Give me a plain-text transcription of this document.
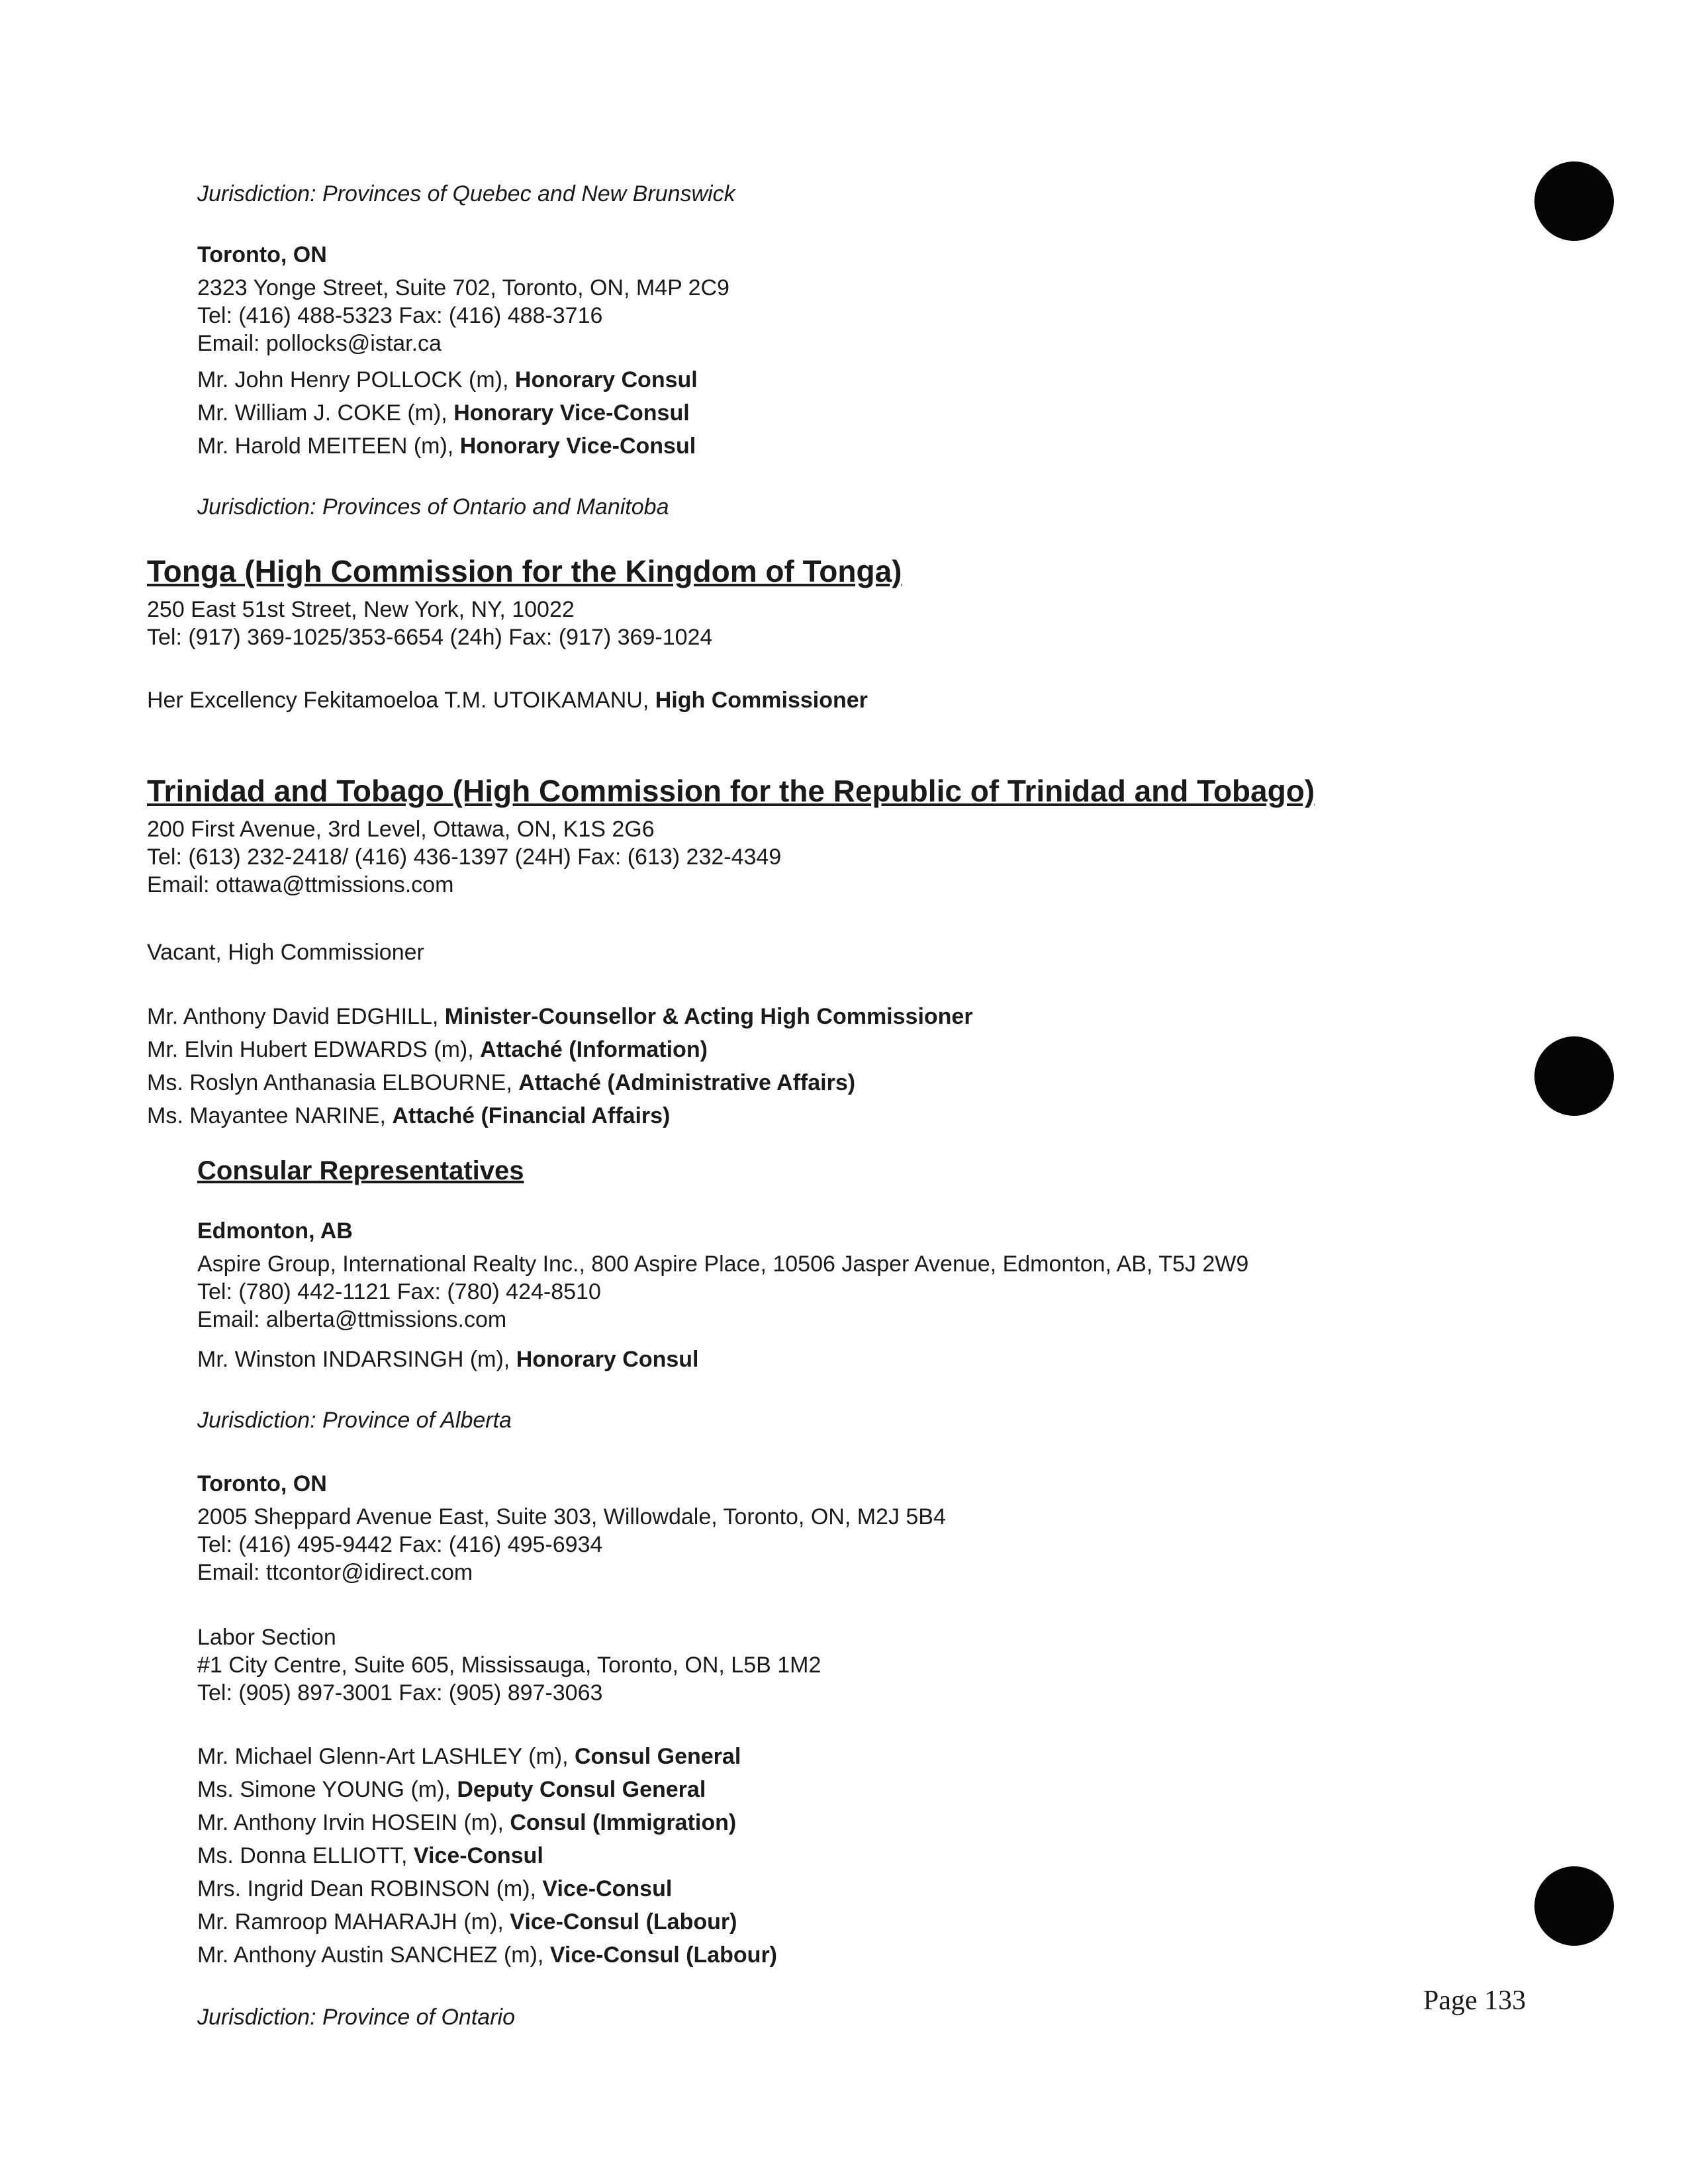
Jurisdiction: Provinces of Quebec and New Brunswick
Toronto, ON
2323 Yonge Street, Suite 702, Toronto, ON, M4P 2C9
Tel: (416) 488-5323 Fax: (416) 488-3716
Email: pollocks@istar.ca
Mr. John Henry POLLOCK (m), Honorary Consul
Mr. William J. COKE (m), Honorary Vice-Consul
Mr. Harold MEITEEN (m), Honorary Vice-Consul
Jurisdiction: Provinces of Ontario and Manitoba
Tonga (High Commission for the Kingdom of Tonga)
250 East 51st Street, New York, NY, 10022
Tel: (917) 369-1025/353-6654 (24h) Fax: (917) 369-1024
Her Excellency Fekitamoeloa T.M. UTOIKAMANU, High Commissioner
Trinidad and Tobago (High Commission for the Republic of Trinidad and Tobago)
200 First Avenue, 3rd Level, Ottawa, ON, K1S 2G6
Tel: (613) 232-2418/ (416) 436-1397 (24H) Fax: (613) 232-4349
Email: ottawa@ttmissions.com
Vacant, High Commissioner
Mr. Anthony David EDGHILL, Minister-Counsellor & Acting High Commissioner
Mr. Elvin Hubert EDWARDS (m), Attaché (Information)
Ms. Roslyn Anthanasia ELBOURNE, Attaché (Administrative Affairs)
Ms. Mayantee NARINE, Attaché (Financial Affairs)
Consular Representatives
Edmonton, AB
Aspire Group, International Realty Inc., 800 Aspire Place, 10506 Jasper Avenue, Edmonton, AB, T5J 2W9
Tel: (780) 442-1121 Fax: (780) 424-8510
Email: alberta@ttmissions.com
Mr. Winston INDARSINGH (m), Honorary Consul
Jurisdiction: Province of Alberta
Toronto, ON
2005 Sheppard Avenue East, Suite 303, Willowdale, Toronto, ON, M2J 5B4
Tel: (416) 495-9442 Fax: (416) 495-6934
Email: ttcontor@idirect.com
Labor Section
#1 City Centre, Suite 605, Mississauga, Toronto, ON, L5B 1M2
Tel: (905) 897-3001 Fax: (905) 897-3063
Mr. Michael Glenn-Art LASHLEY (m), Consul General
Ms. Simone YOUNG (m), Deputy Consul General
Mr. Anthony Irvin HOSEIN (m), Consul (Immigration)
Ms. Donna ELLIOTT, Vice-Consul
Mrs. Ingrid Dean ROBINSON (m), Vice-Consul
Mr. Ramroop MAHARAJH (m), Vice-Consul (Labour)
Mr. Anthony Austin SANCHEZ (m), Vice-Consul (Labour)
Jurisdiction: Province of Ontario
Page 133
